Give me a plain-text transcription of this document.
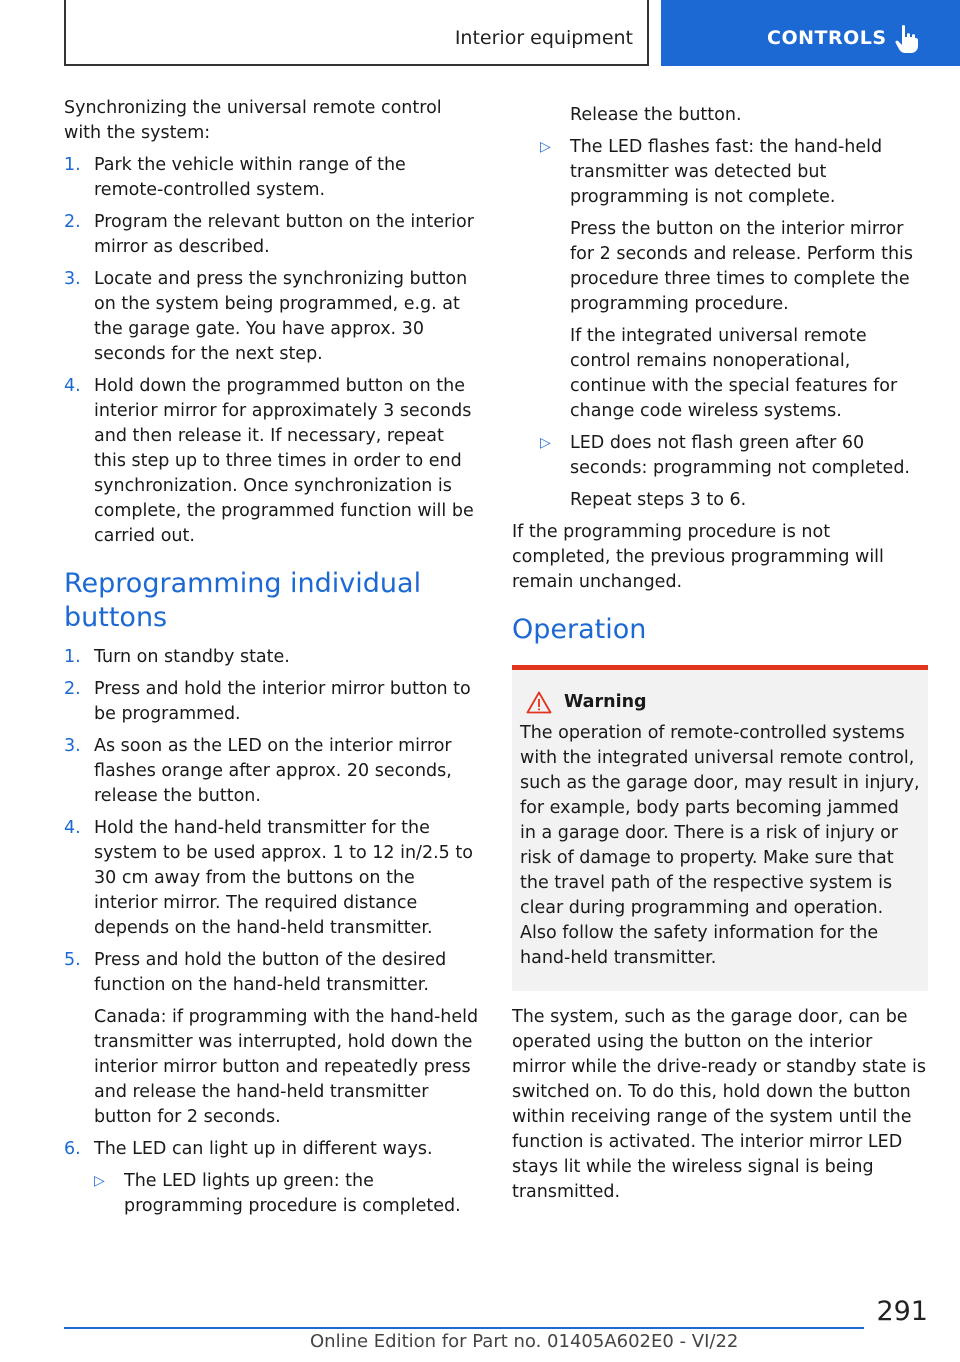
Interior equipment	CONTROLS

Synchronizing the universal remote control with the system:

1. Park the vehicle within range of the remote-controlled system.
2. Program the relevant button on the interior mirror as described.
3. Locate and press the synchronizing button on the system being programmed, e.g. at the garage gate. You have approx. 30 seconds for the next step.
4. Hold down the programmed button on the interior mirror for approximately 3 seconds and then release it. If necessary, repeat this step up to three times in order to end synchronization. Once synchronization is complete, the programmed function will be carried out.
Reprogramming individual buttons
1. Turn on standby state.
2. Press and hold the interior mirror button to be programmed.
3. As soon as the LED on the interior mirror flashes orange after approx. 20 seconds, release the button.
4. Hold the hand-held transmitter for the system to be used approx. 1 to 12 in/2.5 to 30 cm away from the buttons on the interior mirror. The required distance depends on the hand-held transmitter.
5. Press and hold the button of the desired function on the hand-held transmitter.

Canada: if programming with the hand-held transmitter was interrupted, hold down the interior mirror button and repeatedly press and release the hand-held transmitter button for 2 seconds.

6. The LED can light up in different ways.
▷ The LED lights up green: the programming procedure is completed.

Release the button.

▷ The LED flashes fast: the hand-held transmitter was detected but programming is not complete.

Press the button on the interior mirror for 2 seconds and release. Perform this procedure three times to complete the programming procedure.

If the integrated universal remote control remains nonoperational, continue with the special features for change code wireless systems.

▷ LED does not flash green after 60 seconds: programming not completed.

Repeat steps 3 to 6.

If the programming procedure is not completed, the previous programming will remain unchanged.

Operation
Warning

The operation of remote-controlled systems with the integrated universal remote control, such as the garage door, may result in injury, for example, body parts becoming jammed in a garage door. There is a risk of injury or risk of damage to property. Make sure that the travel path of the respective system is clear during programming and operation. Also follow the safety information for the hand-held transmitter.

The system, such as the garage door, can be operated using the button on the interior mirror while the drive-ready or standby state is switched on. To do this, hold down the button within receiving range of the system until the function is activated. The interior mirror LED stays lit while the wireless signal is being transmitted.

291
Online Edition for Part no. 01405A602E0 - VI/22
